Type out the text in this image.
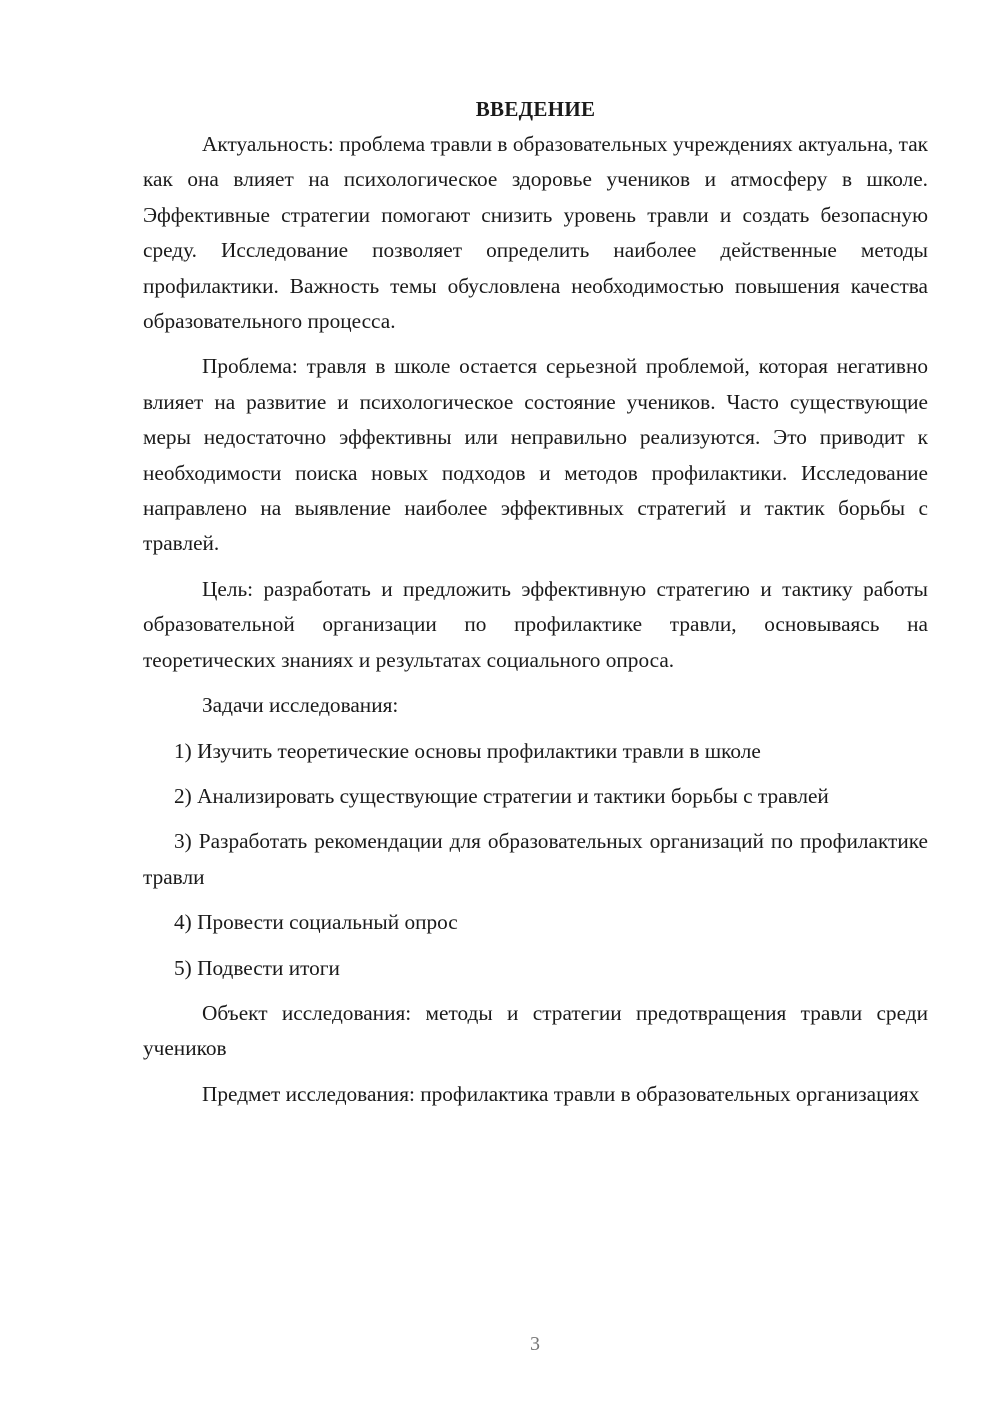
ВВЕДЕНИЕ

Актуальность: проблема травли в образовательных учреждениях актуальна, так как она влияет на психологическое здоровье учеников и атмосферу в школе. Эффективные стратегии помогают снизить уровень травли и создать безопасную среду. Исследование позволяет определить наиболее действенные методы профилактики. Важность темы обусловлена необходимостью повышения качества образовательного процесса.

Проблема: травля в школе остается серьезной проблемой, которая негативно влияет на развитие и психологическое состояние учеников. Часто существующие меры недостаточно эффективны или неправильно реализуются. Это приводит к необходимости поиска новых подходов и методов профилактики. Исследование направлено на выявление наиболее эффективных стратегий и тактик борьбы с травлей.

Цель: разработать и предложить эффективную стратегию и тактику работы образовательной организации по профилактике травли, основываясь на теоретических знаниях и результатах социального опроса.

Задачи исследования:

1) Изучить теоретические основы профилактики травли в школе

2) Анализировать существующие стратегии и тактики борьбы с травлей

3) Разработать рекомендации для образовательных организаций по профилактике травли

4) Провести социальный опрос

5) Подвести итоги

Объект исследования: методы и стратегии предотвращения травли среди учеников

Предмет исследования: профилактика травли в образовательных организациях

3
